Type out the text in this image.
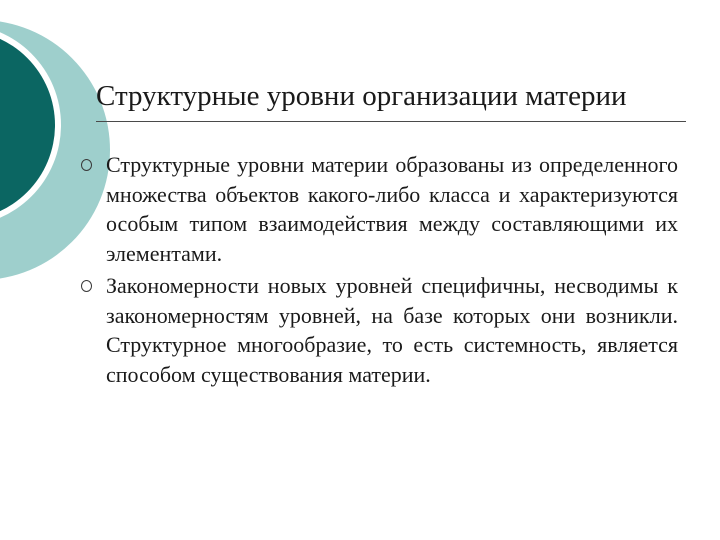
Структурные уровни организации материи
Структурные уровни материи образованы из определенного множества объектов какого-либо класса и характеризуются особым типом взаимодействия между составляющими их элементами.
Закономерности новых уровней специфичны, несводимы к закономерностям уровней, на базе которых они возникли. Структурное многообразие, то есть системность, является способом существования материи.
